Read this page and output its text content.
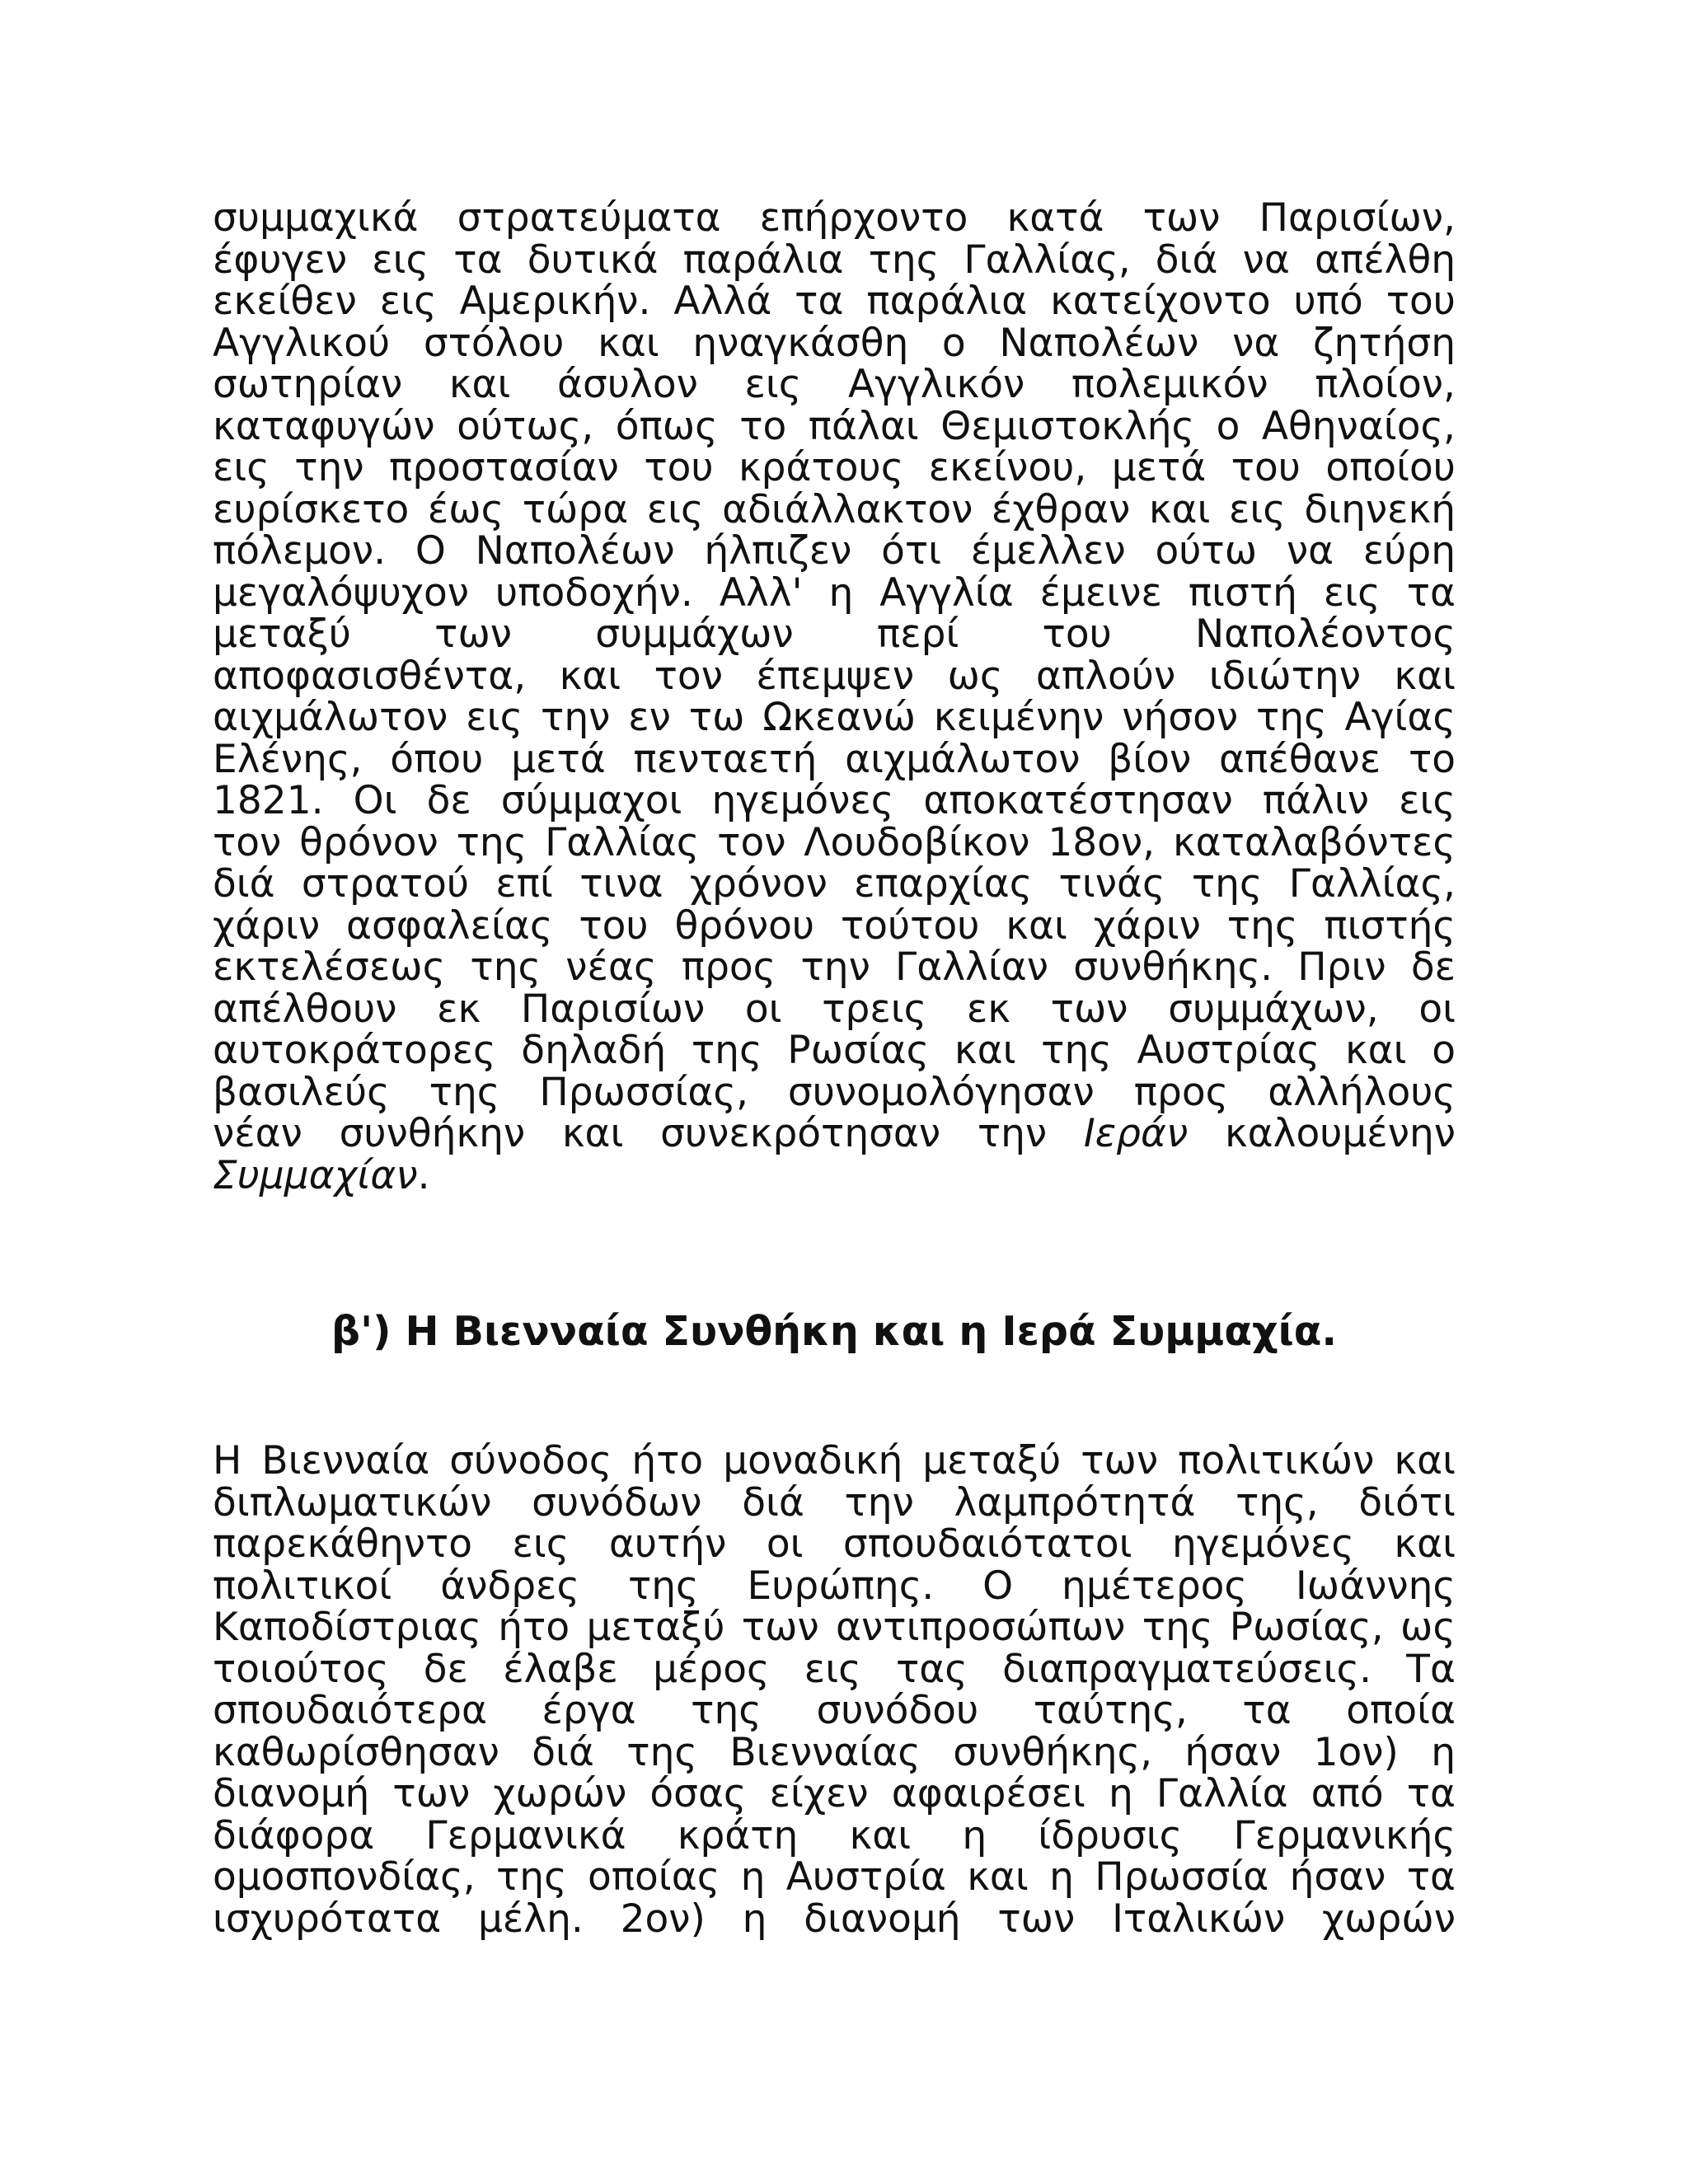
συμμαχικά στρατεύματα επήρχοντο κατά των Παρισίων,
έφυγεν εις τα δυτικά παράλια της Γαλλίας, διά να απέλθη
εκείθεν εις Αμερικήν. Αλλά τα παράλια κατείχοντο υπό του
Αγγλικού στόλου και ηναγκάσθη ο Ναπολέων να ζητήση
σωτηρίαν και άσυλον εις Αγγλικόν πολεμικόν πλοίον,
καταφυγών ούτως, όπως το πάλαι Θεμιστοκλής ο Αθηναίος,
εις την προστασίαν του κράτους εκείνου, μετά του οποίου
ευρίσκετο έως τώρα εις αδιάλλακτον έχθραν και εις διηνεκή
πόλεμον. Ο Ναπολέων ήλπιζεν ότι έμελλεν ούτω να εύρη
μεγαλόψυχον υποδοχήν. Αλλ' η Αγγλία έμεινε πιστή εις τα
μεταξύ των συμμάχων περί του Ναπολέοντος
αποφασισθέντα, και τον έπεμψεν ως απλούν ιδιώτην και
αιχμάλωτον εις την εν τω Ωκεανώ κειμένην νήσον της Αγίας
Ελένης, όπου μετά πενταετή αιχμάλωτον βίον απέθανε το
1821. Οι δε σύμμαχοι ηγεμόνες αποκατέστησαν πάλιν εις
τον θρόνον της Γαλλίας τον Λουδοβίκον 18ον, καταλαβόντες
διά στρατού επί τινα χρόνον επαρχίας τινάς της Γαλλίας,
χάριν ασφαλείας του θρόνου τούτου και χάριν της πιστής
εκτελέσεως της νέας προς την Γαλλίαν συνθήκης. Πριν δε
απέλθουν εκ Παρισίων οι τρεις εκ των συμμάχων, οι
αυτοκράτορες δηλαδή της Ρωσίας και της Αυστρίας και ο
βασιλεύς της Πρωσσίας, συνομολόγησαν προς αλλήλους
νέαν συνθήκην και συνεκρότησαν την Ιεράν καλουμένην
Συμμαχίαν.
β') Η Βιενναία Συνθήκη και η Ιερά Συμμαχία.
Η Βιενναία σύνοδος ήτο μοναδική μεταξύ των πολιτικών και
διπλωματικών συνόδων διά την λαμπρότητά της, διότι
παρεκάθηντο εις αυτήν οι σπουδαιότατοι ηγεμόνες και
πολιτικοί άνδρες της Ευρώπης. Ο ημέτερος Ιωάννης
Καποδίστριας ήτο μεταξύ των αντιπροσώπων της Ρωσίας, ως
τοιούτος δε έλαβε μέρος εις τας διαπραγματεύσεις. Τα
σπουδαιότερα έργα της συνόδου ταύτης, τα οποία
καθωρίσθησαν διά της Βιενναίας συνθήκης, ήσαν 1ον) η
διανομή των χωρών όσας είχεν αφαιρέσει η Γαλλία από τα
διάφορα Γερμανικά κράτη και η ίδρυσις Γερμανικής
ομοσπονδίας, της οποίας η Αυστρία και η Πρωσσία ήσαν τα
ισχυρότατα μέλη. 2ον) η διανομή των Ιταλικών χωρών
